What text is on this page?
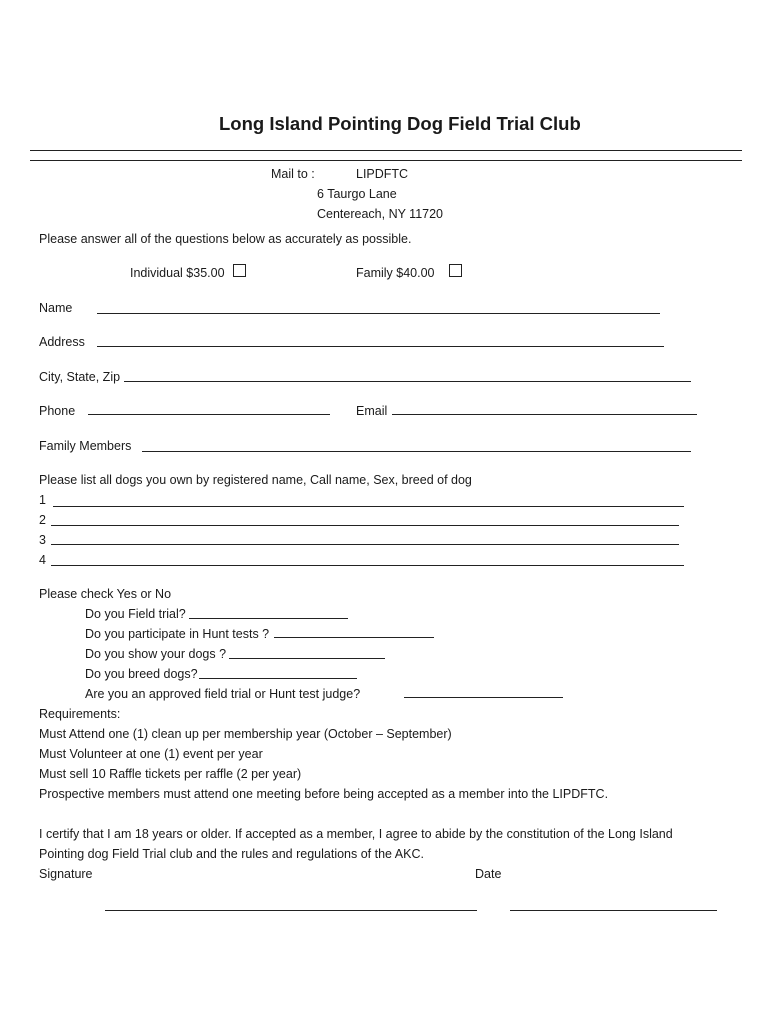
Long Island Pointing Dog Field Trial Club
Mail to :	LIPDFTC
6 Taurgo Lane
Centereach, NY 11720
Please answer all of the questions below as accurately as possible.
Individual $35.00	Family $40.00
Name
Address
City, State, Zip
Phone	Email
Family Members
Please list all dogs you own by registered name, Call name, Sex, breed of dog
1
2
3
4
Please check Yes or No
Do you Field trial?
Do you participate in Hunt tests ?
Do you show your dogs ?
Do you breed dogs?
Are you an approved field trial or Hunt test judge?
Requirements:
Must Attend one (1) clean up per membership year (October – September)
Must Volunteer at one (1) event per year
Must sell 10 Raffle tickets per raffle (2 per year)
Prospective members must attend one meeting before being accepted as a member into the LIPDFTC.
I certify that I am 18 years or older. If accepted as a member, I agree to abide by the constitution of the Long Island
Pointing dog Field Trial club and the rules and regulations of the AKC.
Signature	Date
